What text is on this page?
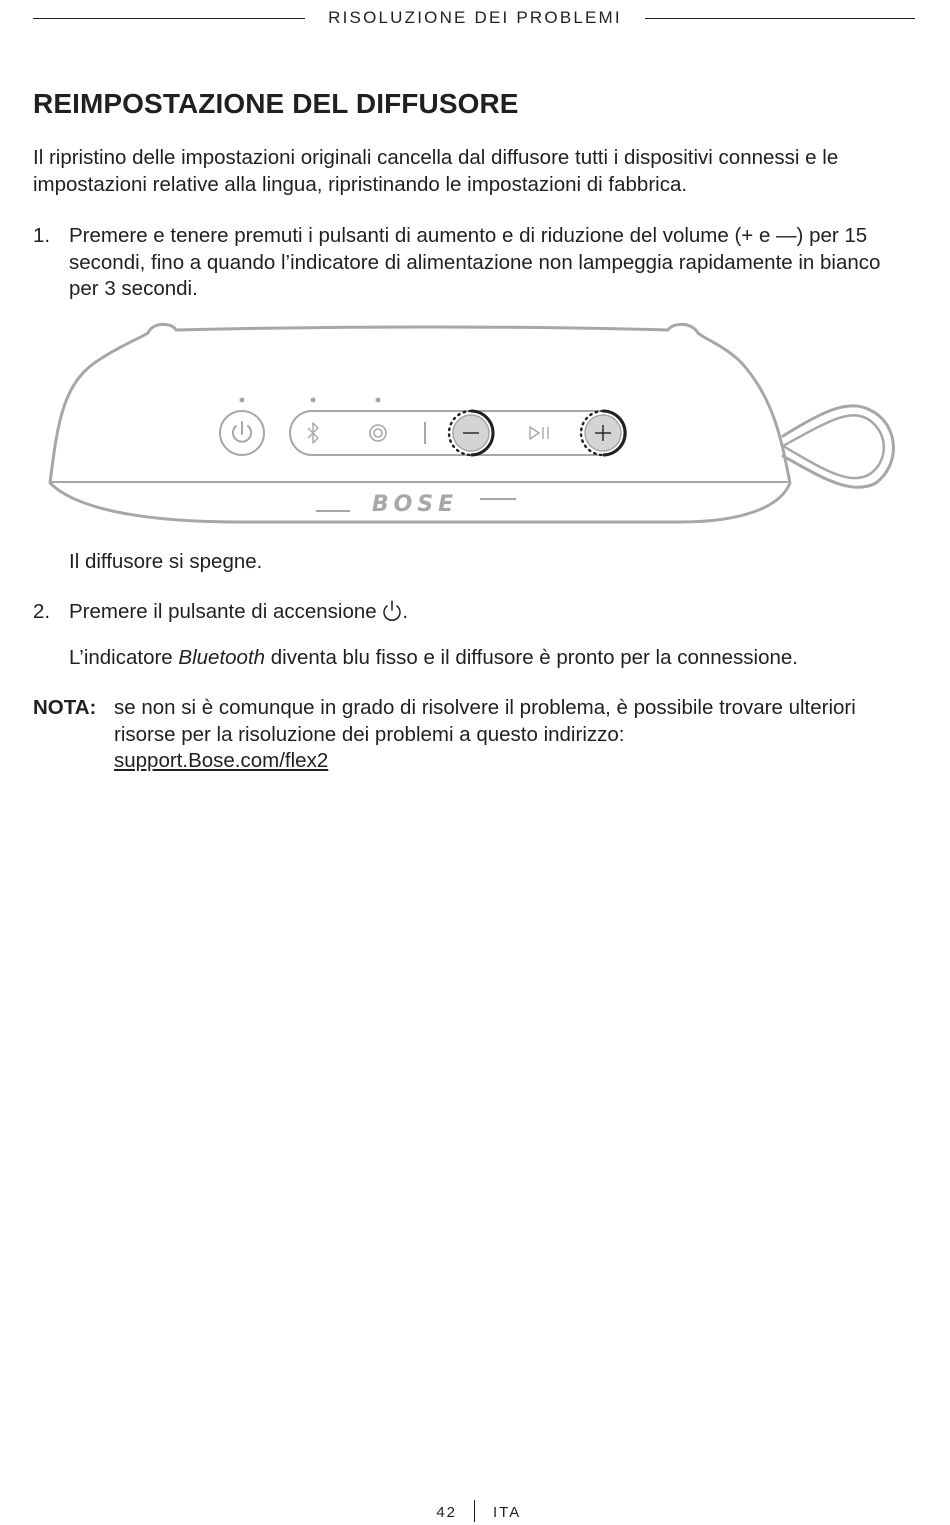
RISOLUZIONE DEI PROBLEMI
REIMPOSTAZIONE DEL DIFFUSORE

Il ripristino delle impostazioni originali cancella dal diffusore tutti i dispositivi connessi e le impostazioni relative alla lingua, ripristinando le impostazioni di fabbrica.

1. Premere e tenere premuti i pulsanti di aumento e di riduzione del volume (+ e —) per 15 secondi, fino a quando l’indicatore di alimentazione non lampeggia rapidamente in bianco per 3 secondi.

BOSE

Il diffusore si spegne.

2. Premere il pulsante di accensione .

L’indicatore Bluetooth diventa blu fisso e il diffusore è pronto per la connessione.

NOTA: se non si è comunque in grado di risolvere il problema, è possibile trovare ulteriori risorse per la risoluzione dei problemi a questo indirizzo:
support.Bose.com/flex2

42 ITA
